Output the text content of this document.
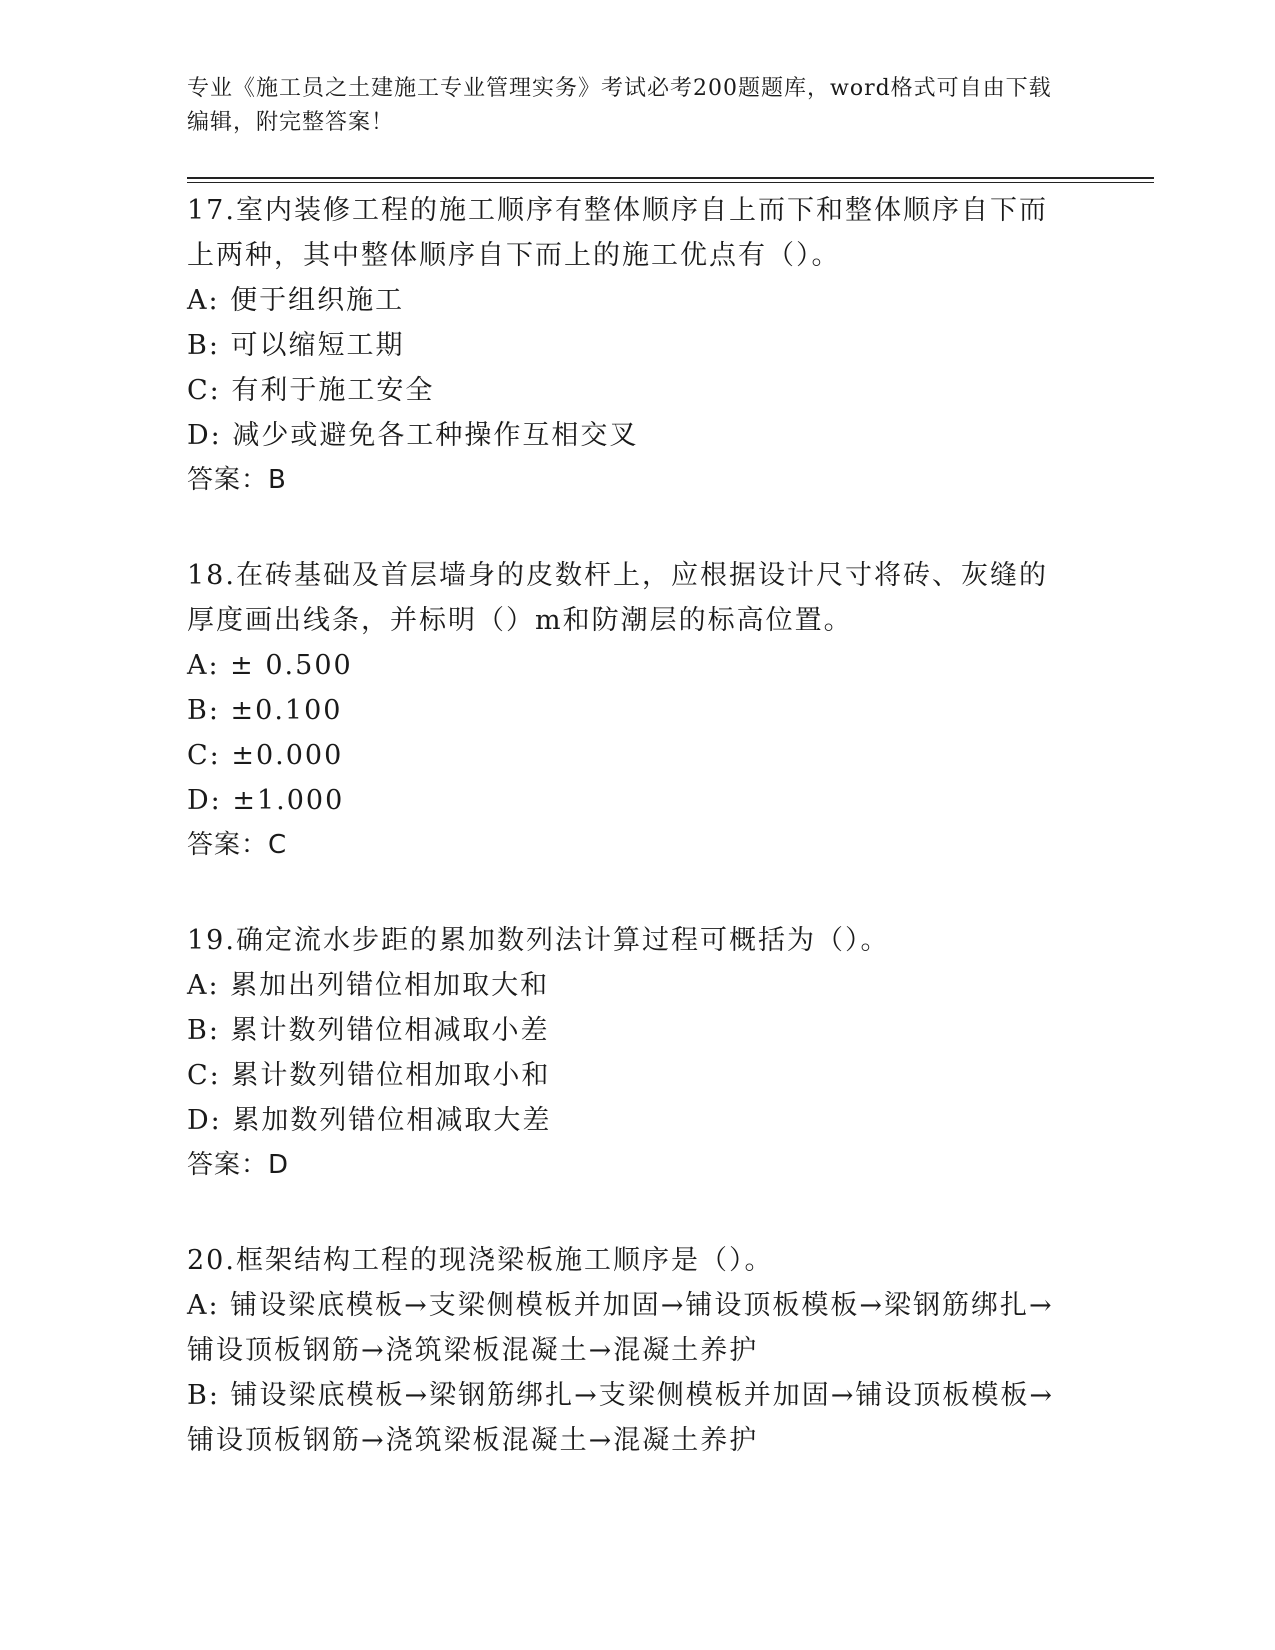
专业《施工员之土建施工专业管理实务》考试必考200题题库，word格式可自由下载编辑，附完整答案！

17.室内装修工程的施工顺序有整体顺序自上而下和整体顺序自下而上两种，其中整体顺序自下而上的施工优点有（）。

A: 便于组织施工

B: 可以缩短工期

C: 有利于施工安全

D: 减少或避免各工种操作互相交叉

答案：B

18.在砖基础及首层墙身的皮数杆上，应根据设计尺寸将砖、灰缝的厚度画出线条，并标明（）m和防潮层的标高位置。

A: ± 0.500

B: ±0.100

C: ±0.000

D: ±1.000

答案：C

19.确定流水步距的累加数列法计算过程可概括为（）。

A: 累加出列错位相加取大和

B: 累计数列错位相减取小差

C: 累计数列错位相加取小和

D: 累加数列错位相减取大差

答案：D

20.框架结构工程的现浇梁板施工顺序是（）。

A: 铺设梁底模板→支梁侧模板并加固→铺设顶板模板→梁钢筋绑扎→铺设顶板钢筋→浇筑梁板混凝土→混凝土养护

B: 铺设梁底模板→梁钢筋绑扎→支梁侧模板并加固→铺设顶板模板→铺设顶板钢筋→浇筑梁板混凝土→混凝土养护
